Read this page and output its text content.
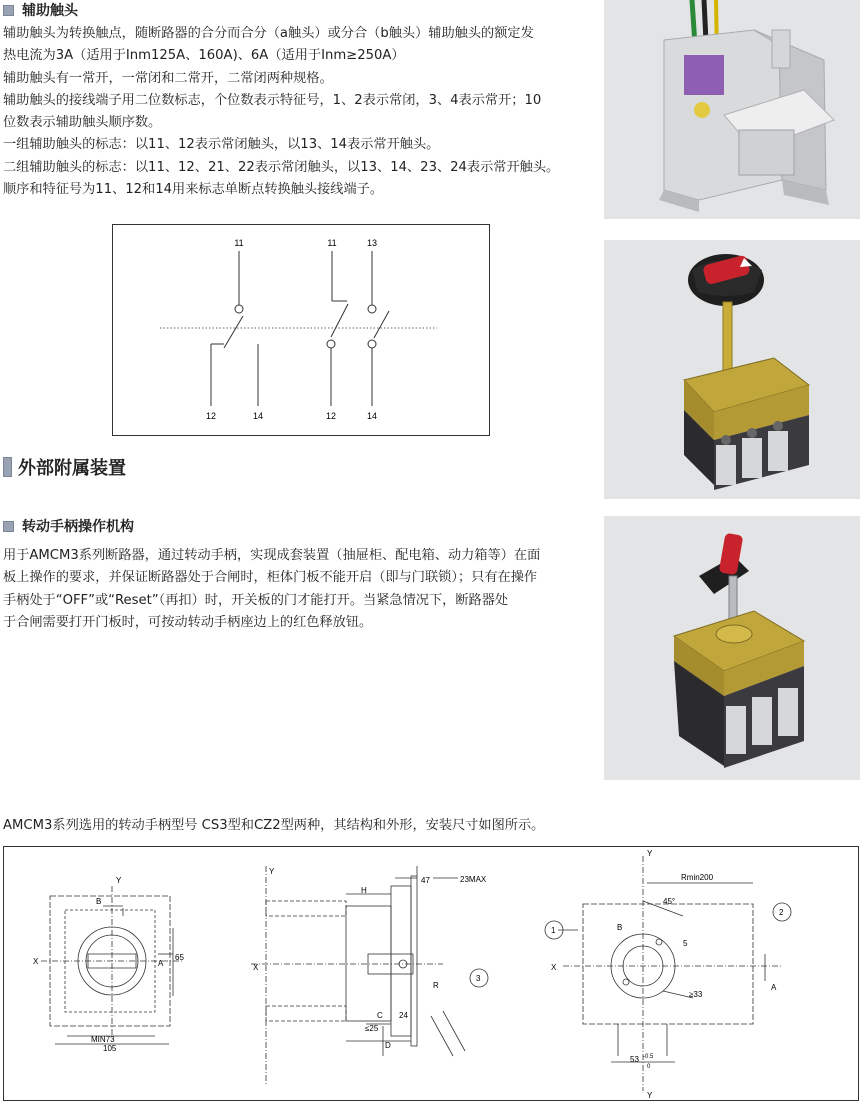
辅助触头
辅助触头为转换触点，随断路器的合分而合分（a触头）或分合（b触头）辅助触头的额定发
热电流为3A（适用于Inm125A、160A)、6A（适用于Inm≥250A）
辅助触头有一常开，一常闭和二常开，二常闭两种规格。
辅助触头的接线端子用二位数标志，个位数表示特征号，1、2表示常闭，3、4表示常开；10
位数表示辅助触头顺序数。
一组辅助触头的标志：以11、12表示常闭触头，以13、14表示常开触头。
二组辅助触头的标志：以11、12、21、22表示常闭触头，以13、14、23、24表示常开触头。
顺序和特征号为11、12和14用来标志单断点转换触头接线端子。
11	11	13
12	14	12	14
外部附属装置
转动手柄操作机构
用于AMCM3系列断路器，通过转动手柄，实现成套装置（抽屉柜、配电箱、动力箱等）在面
板上操作的要求，并保证断路器处于合闸时，柜体门板不能开启（即与门联锁）；只有在操作
手柄处于“OFF”或“Reset”（再扣）时，开关板的门才能打开。当紧急情况下，断路器处
于合闸需要打开门板时，可按动转动手柄座边上的红色释放钮。
AMCM3系列选用的转动手柄型号 CS3型和CZ2型两种，其结构和外形，安装尺寸如图所示。
Y
X
B
A
65
MIN73
105
Y
X
H
47	23MAX
C 24
≤25
D
3
R
Y
Y
X
Rmin200
45°
B
5
≥33
A
53 -0.5
0
1
2
